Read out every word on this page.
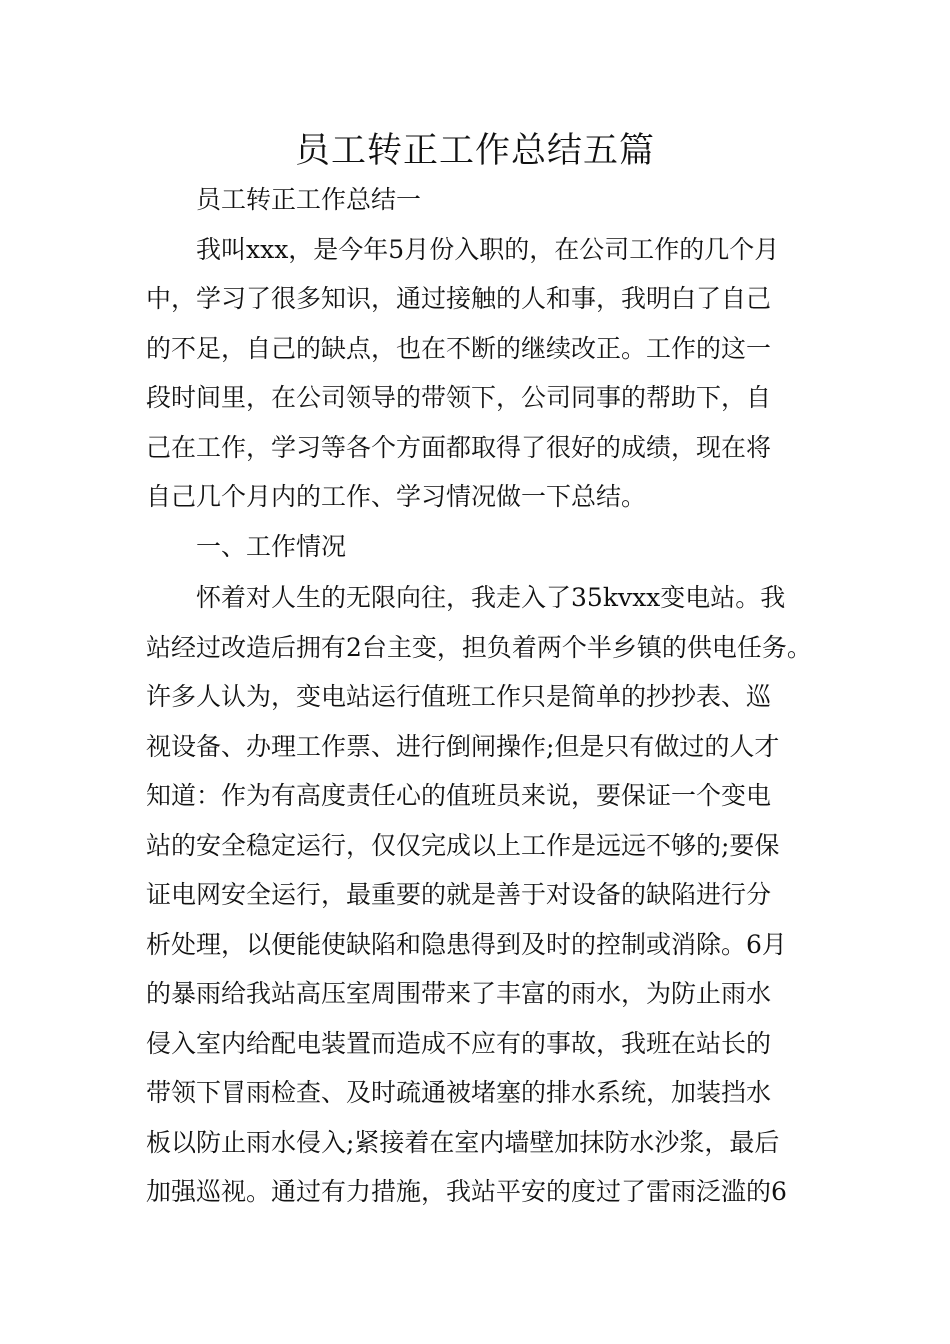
员工转正工作总结五篇

员工转正工作总结一

我叫xxx，是今年5月份入职的，在公司工作的几个月

中，学习了很多知识，通过接触的人和事，我明白了自己

的不足，自己的缺点，也在不断的继续改正。工作的这一

段时间里，在公司领导的带领下，公司同事的帮助下，自

己在工作，学习等各个方面都取得了很好的成绩，现在将

自己几个月内的工作、学习情况做一下总结。

一、工作情况

怀着对人生的无限向往，我走入了35kvxx变电站。我

站经过改造后拥有2台主变，担负着两个半乡镇的供电任务。

许多人认为，变电站运行值班工作只是简单的抄抄表、巡

视设备、办理工作票、进行倒闸操作;但是只有做过的人才

知道：作为有高度责任心的值班员来说，要保证一个变电

站的安全稳定运行，仅仅完成以上工作是远远不够的;要保

证电网安全运行，最重要的就是善于对设备的缺陷进行分

析处理，以便能使缺陷和隐患得到及时的控制或消除。6月

的暴雨给我站高压室周围带来了丰富的雨水，为防止雨水

侵入室内给配电装置而造成不应有的事故，我班在站长的

带领下冒雨检查、及时疏通被堵塞的排水系统，加装挡水

板以防止雨水侵入;紧接着在室内墙壁加抹防水沙浆，最后

加强巡视。通过有力措施，我站平安的度过了雷雨泛滥的6
